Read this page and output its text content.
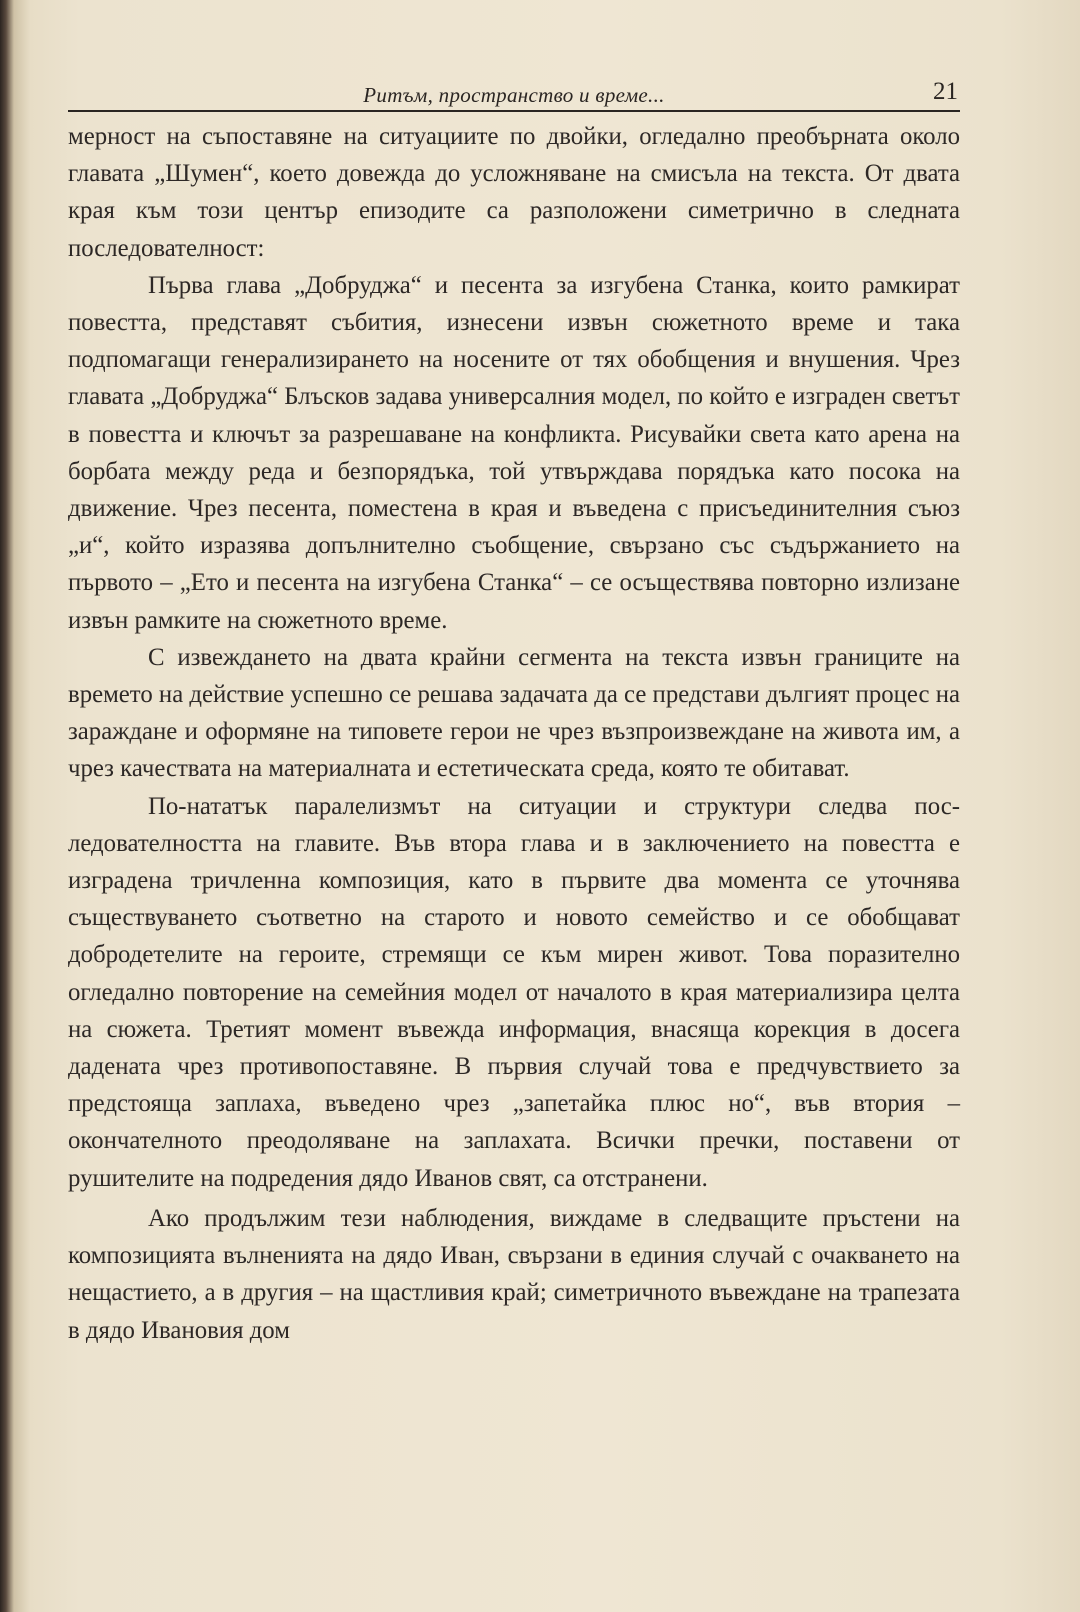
Ритъм, пространство и време...	21

мерност на съпоставяне на ситуациите по двойки, огледално преобърната около главата „Шумен“, което довежда до усложняване на смисъла на текста. От двата края към този център епизодите са разположени симетрично в следната последователност:

Първа глава „Добруджа“ и песента за изгубена Станка, които рамкират повестта, представят събития, изнесени извън сюжетното време и така подпомагащи генерализирането на носените от тях обобщения и внушения. Чрез главата „Добруджа“ Блъсков задава универсалния модел, по който е изграден светът в повестта и ключът за разрешаване на конфликта. Рисувайки света като арена на борбата между реда и безпорядъка, той утвърждава порядъка като посока на движение. Чрез песента, поместена в края и въведена с присъединителния съюз „и“, който изразява допълнително съобщение, свързано със съдържанието на първото – „Ето и песента на изгубена Станка“ – се осъществява повторно излизане извън рамките на сюжетното време.

С извеждането на двата крайни сегмента на текста извън границите на времето на действие успешно се решава задачата да се представи дългият процес на зараждане и оформяне на типовете герои не чрез възпроизвеждане на живота им, а чрез качествата на материалната и естетическата среда, която те обитават.

По-нататък паралелизмът на ситуации и структури следва последователността на главите. Във втора глава и в заключението на повестта е изградена тричленна композиция, като в първите два момента се уточнява съществуването съответно на старото и новото семейство и се обобщават добродетелите на героите, стремящи се към мирен живот. Това поразително огледално повторение на семейния модел от началото в края материализира целта на сюжета. Третият момент въвежда информация, внасяща корекция в досега дадената чрез противопоставяне. В първия случай това е предчувствието за предстояща заплаха, въведено чрез „запетайка плюс но“, във втория – окончателното преодоляване на заплахата. Всички пречки, поставени от рушителите на подредения дядо Иванов свят, са отстранени.

Ако продължим тези наблюдения, виждаме в следващите пръстени на композицията вълненията на дядо Иван, свързани в единия случай с очакването на нещастието, а в другия – на щастливия край; симетричното въвеждане на трапезата в дядо Ивановия дом
